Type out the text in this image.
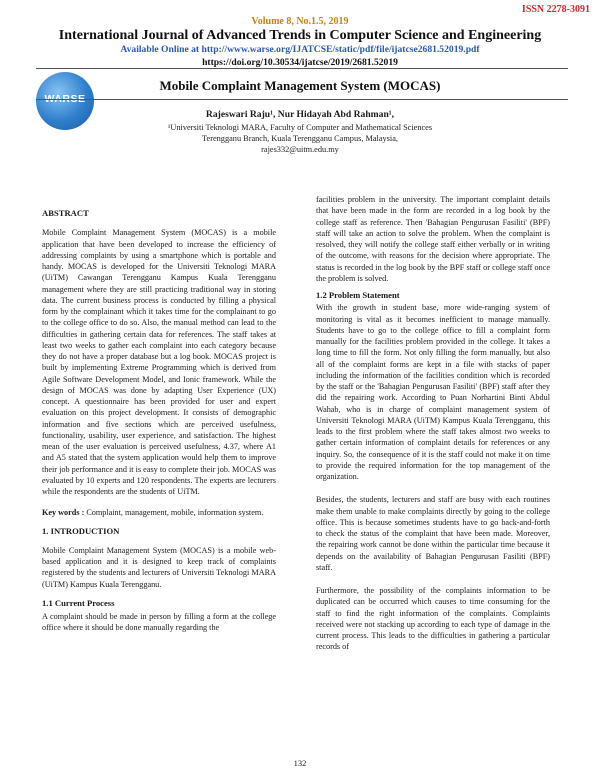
ISSN 2278-3091
Volume 8, No.1.5, 2019
International Journal of Advanced Trends in Computer Science and Engineering
Available Online at http://www.warse.org/IJATCSE/static/pdf/file/ijatcse2681.52019.pdf
https://doi.org/10.30534/ijatcse/2019/2681.52019
WARSE
Mobile Complaint Management System (MOCAS)
Rajeswari Raju¹, Nur Hidayah Abd Rahman¹,
¹Universiti Teknologi MARA, Faculty of Computer and Mathematical Sciences
Terengganu Branch, Kuala Terengganu Campus, Malaysia,
rajes332@uitm.edu.my

ABSTRACT

Mobile Complaint Management System (MOCAS) is a mobile application that have been developed to increase the efficiency of addressing complaints by using a smartphone which is portable and handy. MOCAS is developed for the Universiti Teknologi MARA (UiTM) Cawangan Terengganu Kampus Kuala Terengganu management where they are still practicing traditional way in storing data. The current business process is conducted by filling a physical form by the complainant which it takes time for the complainant to go to the college office to do so. Also, the manual method can lead to the difficulties in gathering certain data for references. The staff takes at least two weeks to gather each complaint into each category because they do not have a proper database but a log book. MOCAS project is built by implementing Extreme Programming which is derived from Agile Software Development Model, and Ionic framework. While the design of MOCAS was done by adapting User Experience (UX) concept. A questionnaire has been provided for user and expert evaluation on this project development. It consists of demographic information and five sections which are perceived usefulness, functionality, usability, user experience, and satisfaction. The highest mean of the user evaluation is perceived usefulness, 4.37, where A1 and A5 stated that the system application would help them to improve their job performance and it is easy to complete their job. MOCAS was evaluated by 10 experts and 120 respondents. The experts are lecturers while the respondents are the students of UiTM.

Key words : Complaint, management, mobile, information system.

1. INTRODUCTION

Mobile Complaint Management System (MOCAS) is a mobile web-based application and it is designed to keep track of complaints registered by the students and lecturers of Universiti Teknologi MARA (UiTM) Kampus Kuala Terengganu.

1.1 Current Process

A complaint should be made in person by filling a form at the college office where it should be done manually regarding the

facilities problem in the university. The important complaint details that have been made in the form are recorded in a log book by the college staff as reference. Then 'Bahagian Pengurusan Fasiliti' (BPF) staff will take an action to solve the problem. When the complaint is resolved, they will notify the college staff either verbally or in writing of the outcome, with reasons for the decision where appropriate. The status is recorded in the log book by the BPF staff or college staff once the problem is solved.

1.2 Problem Statement

With the growth in student base, more wide-ranging system of monitoring is vital as it becomes inefficient to manage manually. Students have to go to the college office to fill a complaint form manually for the facilities problem provided in the college. It takes a long time to fill the form. Not only filling the form manually, but also all of the complaint forms are kept in a file with stacks of paper including the information of the facilities condition which is recorded by the staff or the 'Bahagian Pengurusan Fasiliti' (BPF) staff after they did the repairing work. According to Puan Norhartini Binti Abdul Wahab, who is in charge of complaint management system of Universiti Teknologi MARA (UiTM) Kampus Kuala Terengganu, this leads to the first problem where the staff takes almost two weeks to gather certain information of complaint details for references or any inquiry. So, the consequence of it is the staff could not make it on time to provide the required information for the top management of the organization.

Besides, the students, lecturers and staff are busy with each routines make them unable to make complaints directly by going to the college office. This is because sometimes students have to go back-and-forth to check the status of the complaint that have been made. Moreover, the repairing work cannot be done within the particular time because it depends on the availability of Bahagian Pengurusan Fasiliti (BPF) staff.

Furthermore, the possibility of the complaints information to be duplicated can be occurred which causes to time consuming for the staff to find the right information of the complaints. Complaints received were not stacking up according to each type of damage in the current process. This leads to the difficulties in gathering a particular records of

132
